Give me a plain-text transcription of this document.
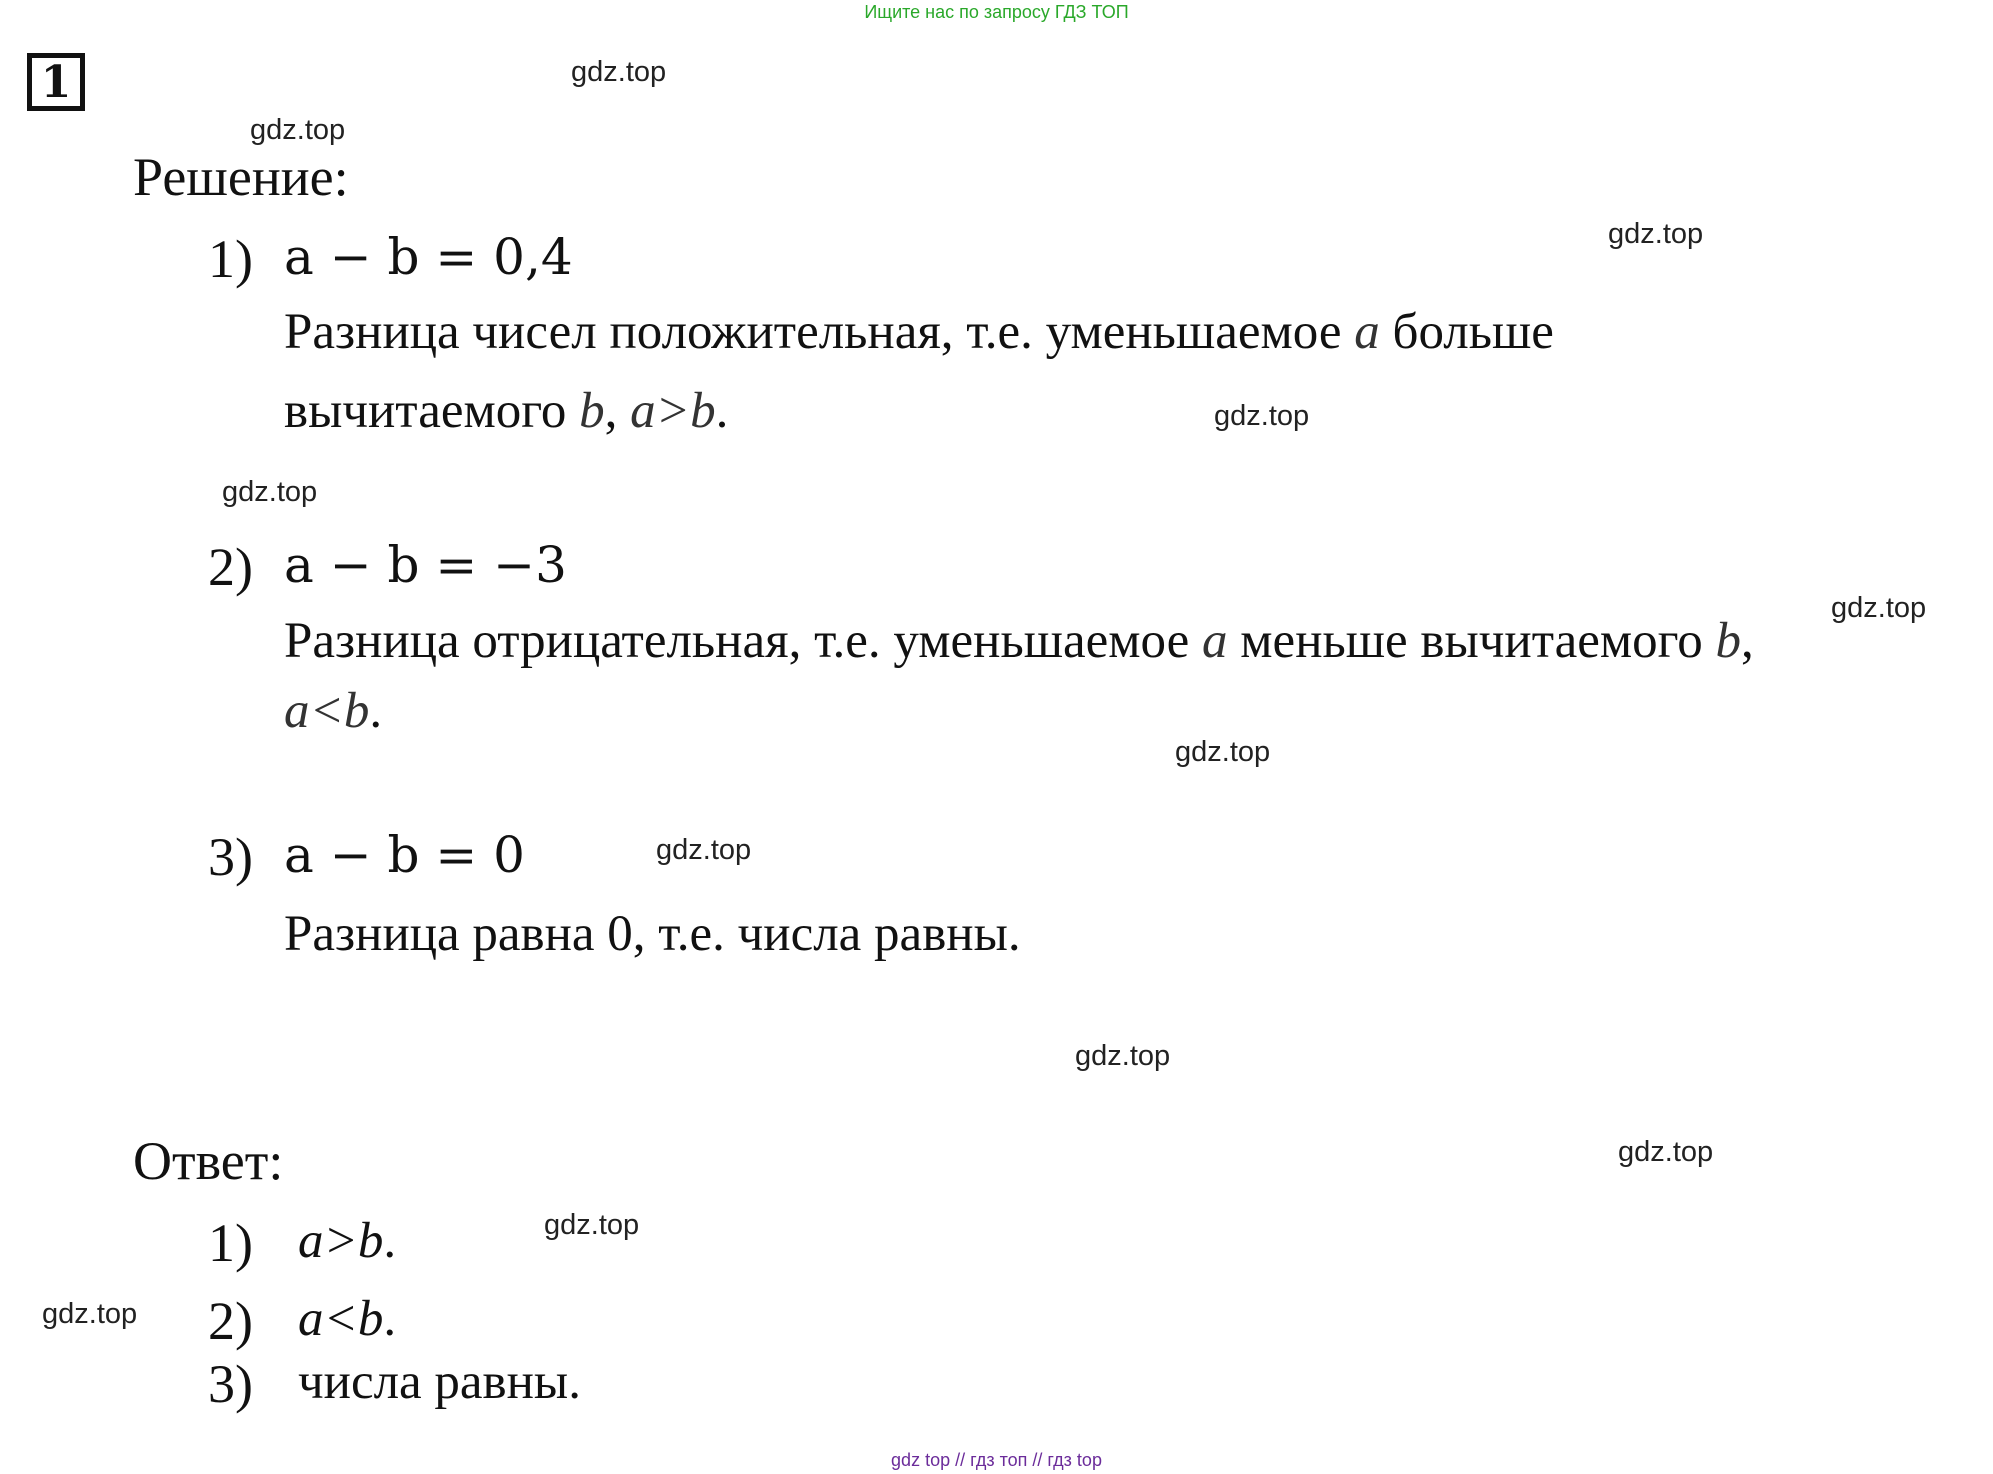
Ищите нас по запросу ГДЗ ТОП
1	gdz.top
gdz.top
gdz.top
gdz.top
gdz.top
gdz.top
gdz.top
gdz.top
gdz.top
gdz.top
gdz.top
gdz.top
Решение:
1) a − b = 0,4
Разница чисел положительная, т.е. уменьшаемое a больше
вычитаемого b, a>b.
2) a − b = −3
Разница отрицательная, т.е. уменьшаемое a меньше вычитаемого b,
a<b.
3) a − b = 0
Разница равна 0, т.е. числа равны.
Ответ:
1) a>b.
2) a<b.
3) числа равны.
gdz top // гдз топ // гдз top
